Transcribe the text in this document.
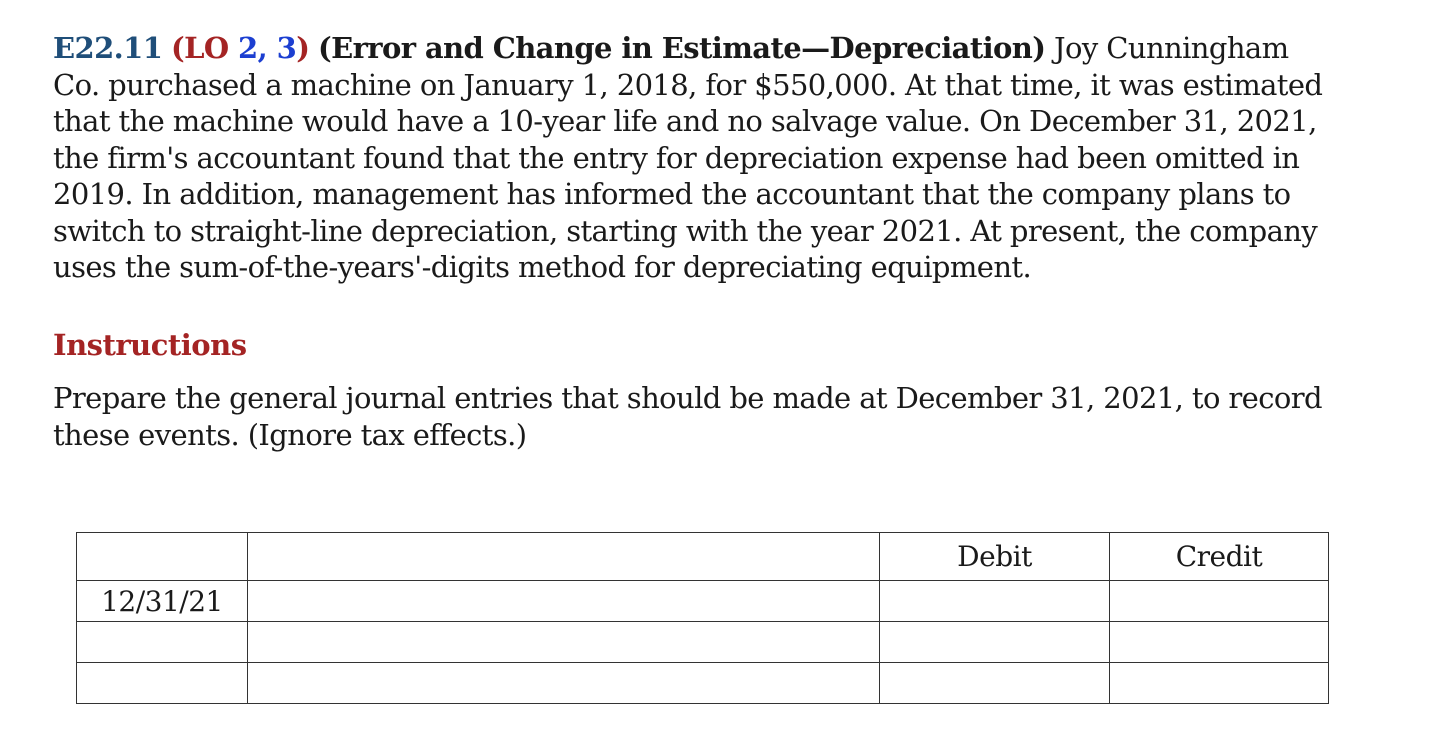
E22.11 (LO 2, 3) (Error and Change in Estimate—Depreciation) Joy Cunningham Co. purchased a machine on January 1, 2018, for $550,000. At that time, it was estimated that the machine would have a 10-year life and no salvage value. On December 31, 2021, the firm's accountant found that the entry for depreciation expense had been omitted in 2019. In addition, management has informed the accountant that the company plans to switch to straight-line depreciation, starting with the year 2021. At present, the company uses the sum-of-the-years'-digits method for depreciating equipment.
Instructions
Prepare the general journal entries that should be made at December 31, 2021, to record these events. (Ignore tax effects.)
		Debit	Credit
12/31/21			
